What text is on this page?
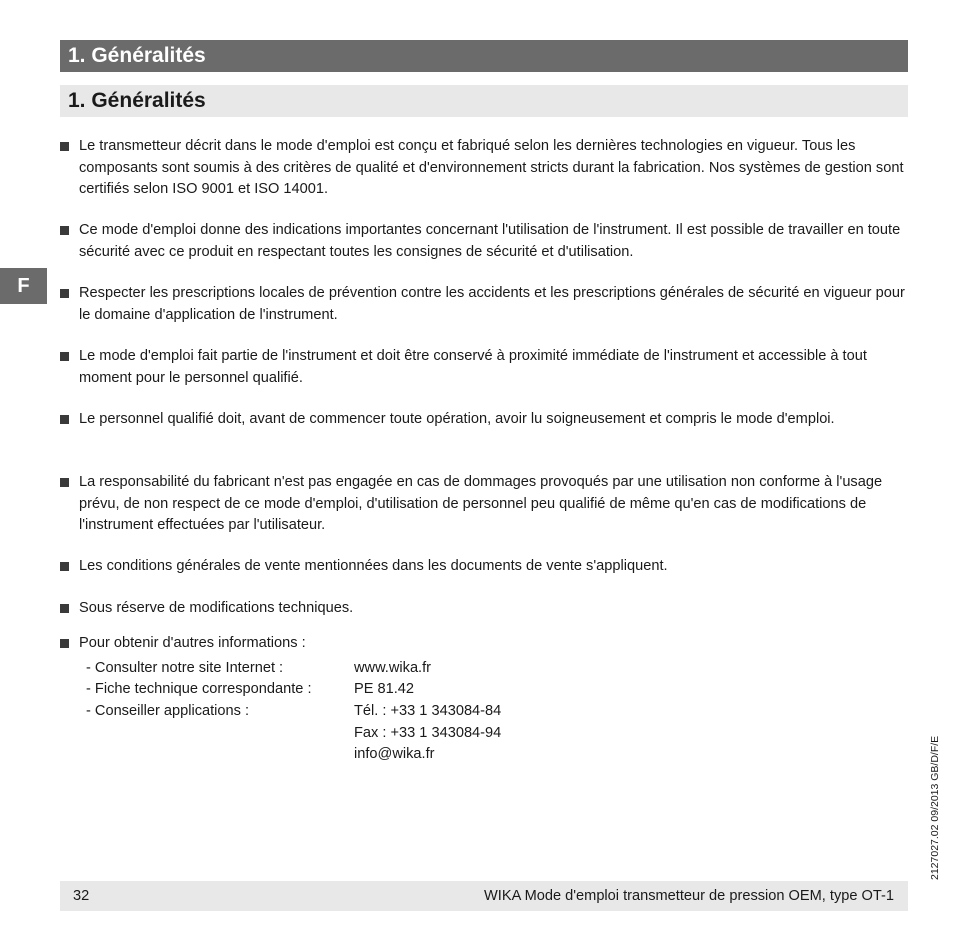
1. Généralités
1. Généralités
F
Le transmetteur décrit dans le mode d'emploi est conçu et fabriqué selon les dernières technologies en vigueur. Tous les composants sont soumis à des critères de qualité et d'environnement stricts durant la fabrication. Nos systèmes de gestion sont certifiés selon ISO 9001 et ISO 14001.
Ce mode d'emploi donne des indications importantes concernant l'utilisation de l'instrument. Il est possible de travailler en toute sécurité avec ce produit en respectant toutes les consignes de sécurité et d'utilisation.
Respecter les prescriptions locales de prévention contre les accidents et les prescriptions générales de sécurité en vigueur pour le domaine d'application de l'instrument.
Le mode d'emploi fait partie de l'instrument et doit être conservé à proximité immédiate de l'instrument et accessible à tout moment pour le personnel qualifié.
Le personnel qualifié doit, avant de commencer toute opération, avoir lu soigneusement et compris le mode d'emploi.
La responsabilité du fabricant n'est pas engagée en cas de dommages provoqués par une utilisation non conforme à l'usage prévu, de non respect de ce mode d'emploi, d'utilisation de personnel peu qualifié de même qu'en cas de modifications de l'instrument effectuées par l'utilisateur.
Les conditions générales de vente mentionnées dans les documents de vente s'appliquent.
Sous réserve de modifications techniques.
Pour obtenir d'autres informations :
- Consulter notre site Internet :
- Fiche technique correspondante :
- Conseiller applications :
www.wika.fr
PE 81.42
Tél. : +33 1 343084-84
Fax : +33 1 343084-94
info@wika.fr	2127027.02 09/2013 GB/D/F/E
32	WIKA Mode d'emploi transmetteur de pression OEM, type OT-1
